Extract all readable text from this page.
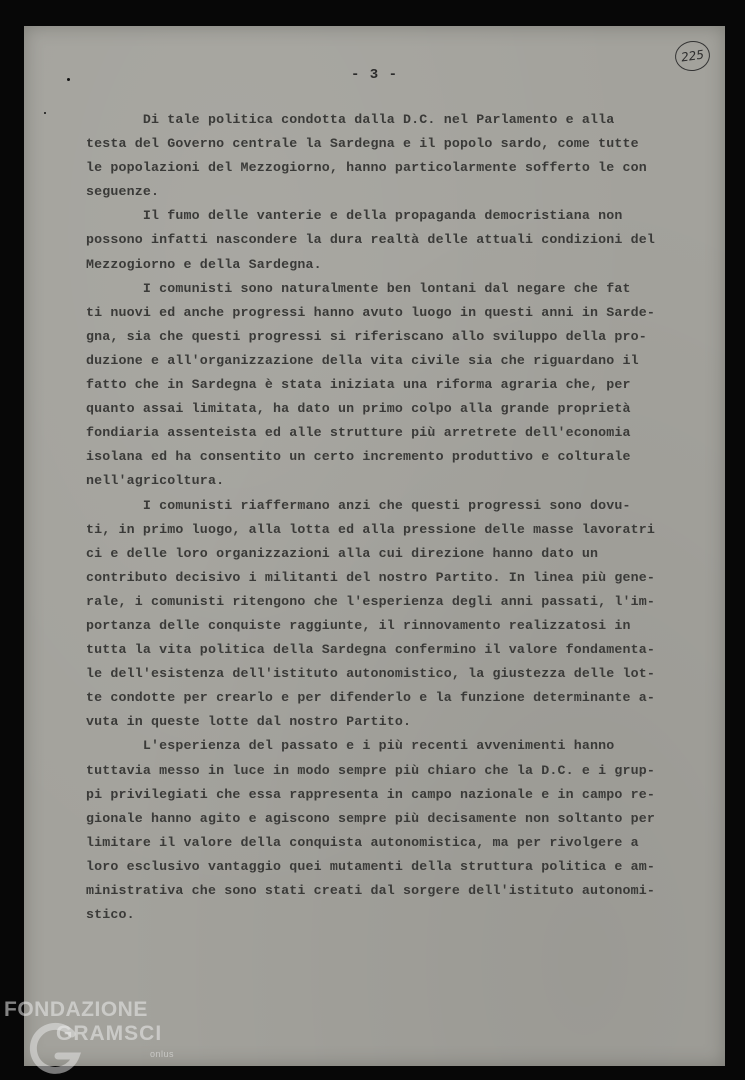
- 3 -
225
Di tale politica condotta dalla D.C. nel Parlamento e alla
testa del Governo centrale la Sardegna e il popolo sardo, come tutte
le popolazioni del Mezzogiorno, hanno particolarmente sofferto le con
seguenze.
Il fumo delle vanterie e della propaganda democristiana non
possono infatti nascondere la dura realtà delle attuali condizioni del
Mezzogiorno e della Sardegna.
I comunisti sono naturalmente ben lontani dal negare che fat
ti nuovi ed anche progressi hanno avuto luogo in questi anni in Sarde-
gna, sia che questi progressi si riferiscano allo sviluppo della pro-
duzione e all'organizzazione della vita civile sia che riguardano il
fatto che in Sardegna è stata iniziata una riforma agraria che, per
quanto assai limitata, ha dato un primo colpo alla grande proprietà
fondiaria assenteista ed alle strutture più arretrete dell'economia
isolana ed ha consentito un certo incremento produttivo e colturale
nell'agricoltura.
I comunisti riaffermano anzi che questi progressi sono dovu-
ti, in primo luogo, alla lotta ed alla pressione delle masse lavoratri
ci e delle loro organizzazioni alla cui direzione hanno dato un
contributo decisivo i militanti del nostro Partito. In linea più gene-
rale, i comunisti ritengono che l'esperienza degli anni passati, l'im-
portanza delle conquiste raggiunte, il rinnovamento realizzatosi in
tutta la vita politica della Sardegna confermino il valore fondamenta-
le dell'esistenza dell'istituto autonomistico, la giustezza delle lot-
te condotte per crearlo e per difenderlo e la funzione determinante a-
vuta in queste lotte dal nostro Partito.
L'esperienza del passato e i più recenti avvenimenti hanno
tuttavia messo in luce in modo sempre più chiaro che la D.C. e i grup-
pi privilegiati che essa rappresenta in campo nazionale e in campo re-
gionale hanno agito e agiscono sempre più decisamente non soltanto per
limitare il valore della conquista autonomistica, ma per rivolgere a
loro esclusivo vantaggio quei mutamenti della struttura politica e am-
ministrativa che sono stati creati dal sorgere dell'istituto autonomi-
stico.
FONDAZIONE
GRAMSCI
onlus
